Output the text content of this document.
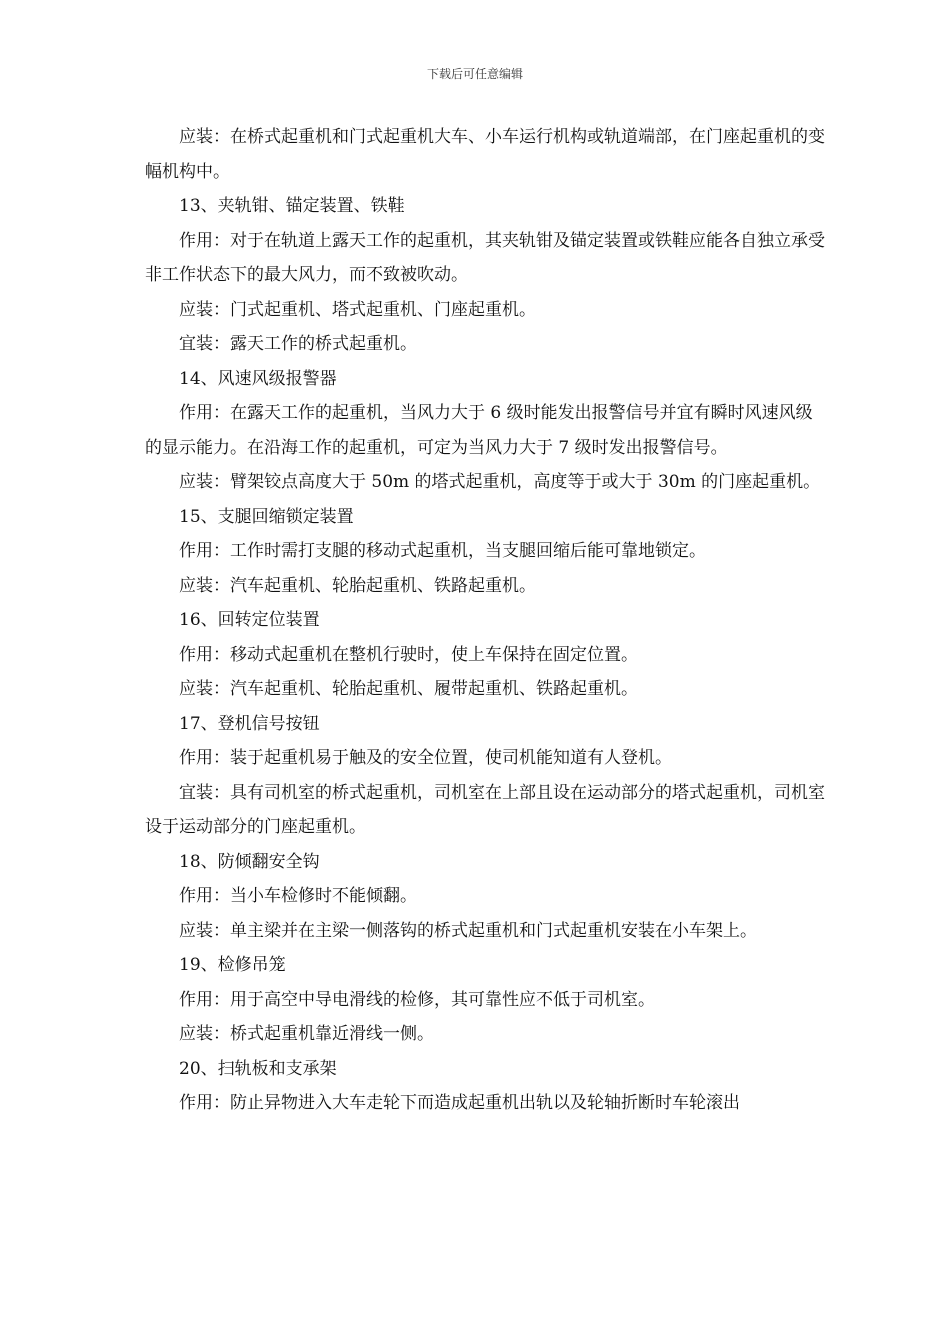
下载后可任意编辑

应装：在桥式起重机和门式起重机大车、小车运行机构或轨道端部，在门座起重机的变幅机构中。

13、夹轨钳、锚定装置、铁鞋

作用：对于在轨道上露天工作的起重机，其夹轨钳及锚定装置或铁鞋应能各自独立承受非工作状态下的最大风力，而不致被吹动。

应装：门式起重机、塔式起重机、门座起重机。

宜装：露天工作的桥式起重机。

14、风速风级报警器

作用：在露天工作的起重机，当风力大于 6 级时能发出报警信号并宜有瞬时风速风级的显示能力。在沿海工作的起重机，可定为当风力大于 7 级时发出报警信号。

应装：臂架铰点高度大于 50m 的塔式起重机，高度等于或大于 30m 的门座起重机。

15、支腿回缩锁定装置

作用：工作时需打支腿的移动式起重机，当支腿回缩后能可靠地锁定。

应装：汽车起重机、轮胎起重机、铁路起重机。

16、回转定位装置

作用：移动式起重机在整机行驶时，使上车保持在固定位置。

应装：汽车起重机、轮胎起重机、履带起重机、铁路起重机。

17、登机信号按钮

作用：装于起重机易于触及的安全位置，使司机能知道有人登机。

宜装：具有司机室的桥式起重机，司机室在上部且设在运动部分的塔式起重机，司机室设于运动部分的门座起重机。

18、防倾翻安全钩

作用：当小车检修时不能倾翻。

应装：单主梁并在主梁一侧落钩的桥式起重机和门式起重机安装在小车架上。

19、检修吊笼

作用：用于高空中导电滑线的检修，其可靠性应不低于司机室。

应装：桥式起重机靠近滑线一侧。

20、扫轨板和支承架

作用：防止异物进入大车走轮下而造成起重机出轨以及轮轴折断时车轮滚出
